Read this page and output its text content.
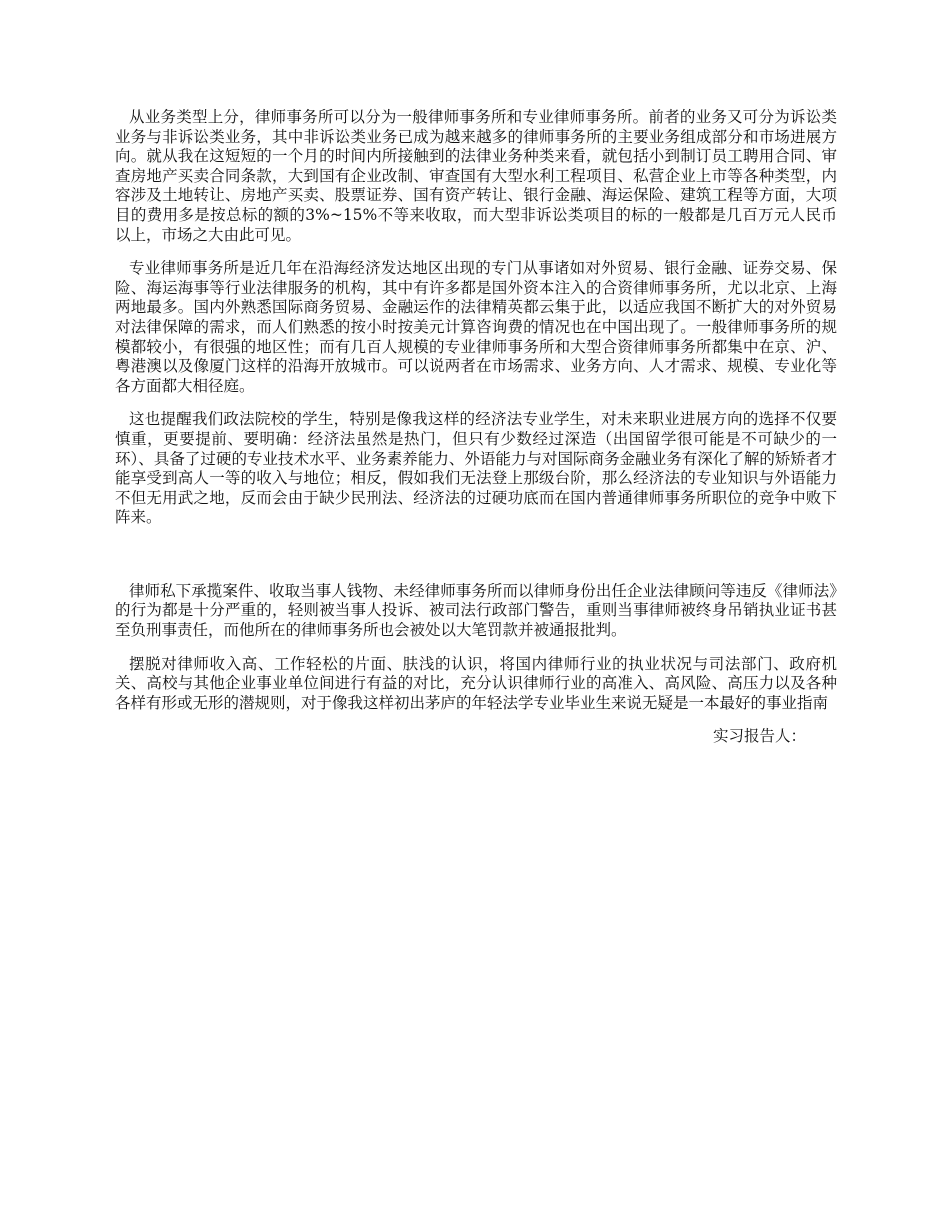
从业务类型上分，律师事务所可以分为一般律师事务所和专业律师事务所。前者的业务又可分为诉讼类业务与非诉讼类业务，其中非诉讼类业务已成为越来越多的律师事务所的主要业务组成部分和市场进展方向。就从我在这短短的一个月的时间内所接触到的法律业务种类来看，就包括小到制订员工聘用合同、审查房地产买卖合同条款，大到国有企业改制、审查国有大型水利工程项目、私营企业上市等各种类型，内容涉及土地转让、房地产买卖、股票证券、国有资产转让、银行金融、海运保险、建筑工程等方面，大项目的费用多是按总标的额的3%~15%不等来收取，而大型非诉讼类项目的标的一般都是几百万元人民币以上，市场之大由此可见。

专业律师事务所是近几年在沿海经济发达地区出现的专门从事诸如对外贸易、银行金融、证券交易、保险、海运海事等行业法律服务的机构，其中有许多都是国外资本注入的合资律师事务所，尤以北京、上海两地最多。国内外熟悉国际商务贸易、金融运作的法律精英都云集于此，以适应我国不断扩大的对外贸易对法律保障的需求，而人们熟悉的按小时按美元计算咨询费的情况也在中国出现了。一般律师事务所的规模都较小，有很强的地区性；而有几百人规模的专业律师事务所和大型合资律师事务所都集中在京、沪、粤港澳以及像厦门这样的沿海开放城市。可以说两者在市场需求、业务方向、人才需求、规模、专业化等各方面都大相径庭。

这也提醒我们政法院校的学生，特别是像我这样的经济法专业学生，对未来职业进展方向的选择不仅要慎重，更要提前、要明确：经济法虽然是热门，但只有少数经过深造（出国留学很可能是不可缺少的一环）、具备了过硬的专业技术水平、业务素养能力、外语能力与对国际商务金融业务有深化了解的矫矫者才能享受到高人一等的收入与地位；相反，假如我们无法登上那级台阶，那么经济法的专业知识与外语能力不但无用武之地，反而会由于缺少民刑法、经济法的过硬功底而在国内普通律师事务所职位的竞争中败下阵来。

律师私下承揽案件、收取当事人钱物、未经律师事务所而以律师身份出任企业法律顾问等违反《律师法》的行为都是十分严重的，轻则被当事人投诉、被司法行政部门警告，重则当事律师被终身吊销执业证书甚至负刑事责任，而他所在的律师事务所也会被处以大笔罚款并被通报批判。

摆脱对律师收入高、工作轻松的片面、肤浅的认识，将国内律师行业的执业状况与司法部门、政府机关、高校与其他企业事业单位间进行有益的对比，充分认识律师行业的高准入、高风险、高压力以及各种各样有形或无形的潜规则，对于像我这样初出茅庐的年轻法学专业毕业生来说无疑是一本最好的事业指南

实习报告人：
